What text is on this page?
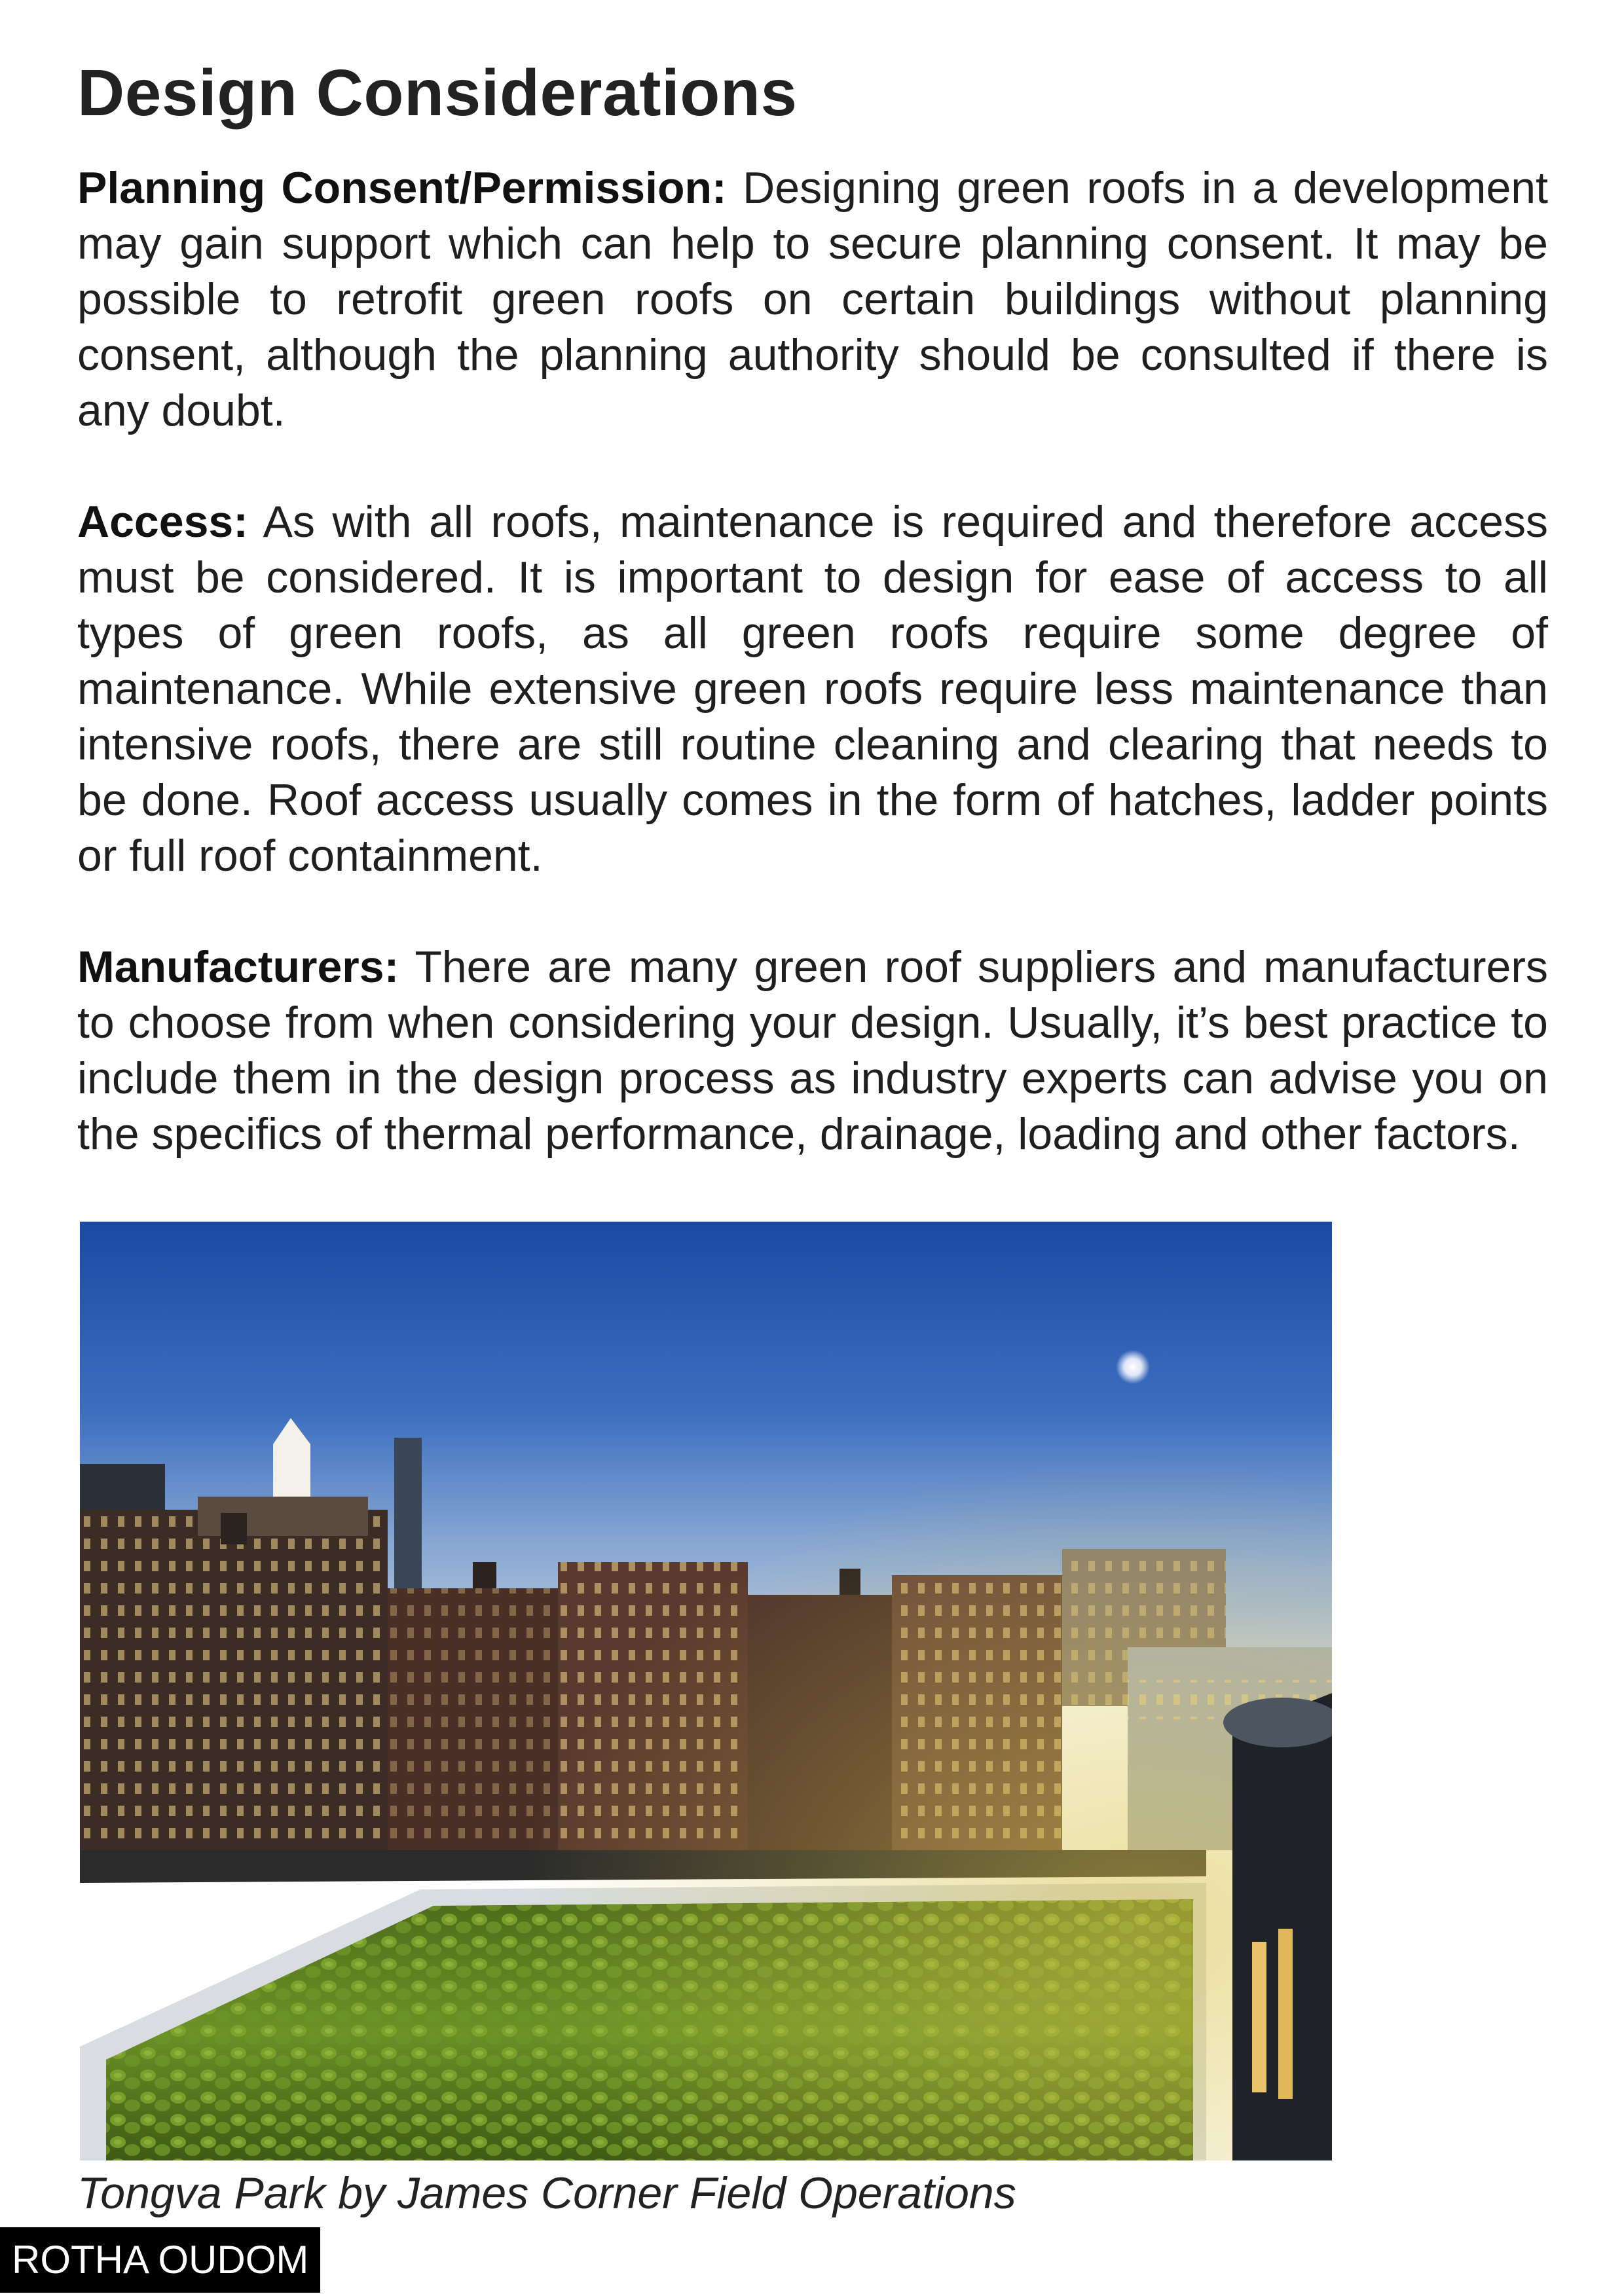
Design Considerations

Planning Consent/Permission: Designing green roofs in a development may gain support which can help to secure planning consent. It may be possible to retrofit green roofs on certain buildings without planning consent, although the planning authority should be consulted if there is any doubt.

Access: As with all roofs, maintenance is required and therefore access must be considered. It is important to design for ease of access to all types of green roofs, as all green roofs require some degree of maintenance. While extensive green roofs require less maintenance than intensive roofs, there are still routine cleaning and clearing that needs to be done. Roof access usually comes in the form of hatches, ladder points or full roof containment.

Manufacturers: There are many green roof suppliers and manufacturers to choose from when considering your design. Usually, it’s best practice to include them in the design process as industry experts can advise you on the specifics of thermal performance, drainage, loading and other factors.

Tongva Park by James Corner Field Operations

ROTHA OUDOM
